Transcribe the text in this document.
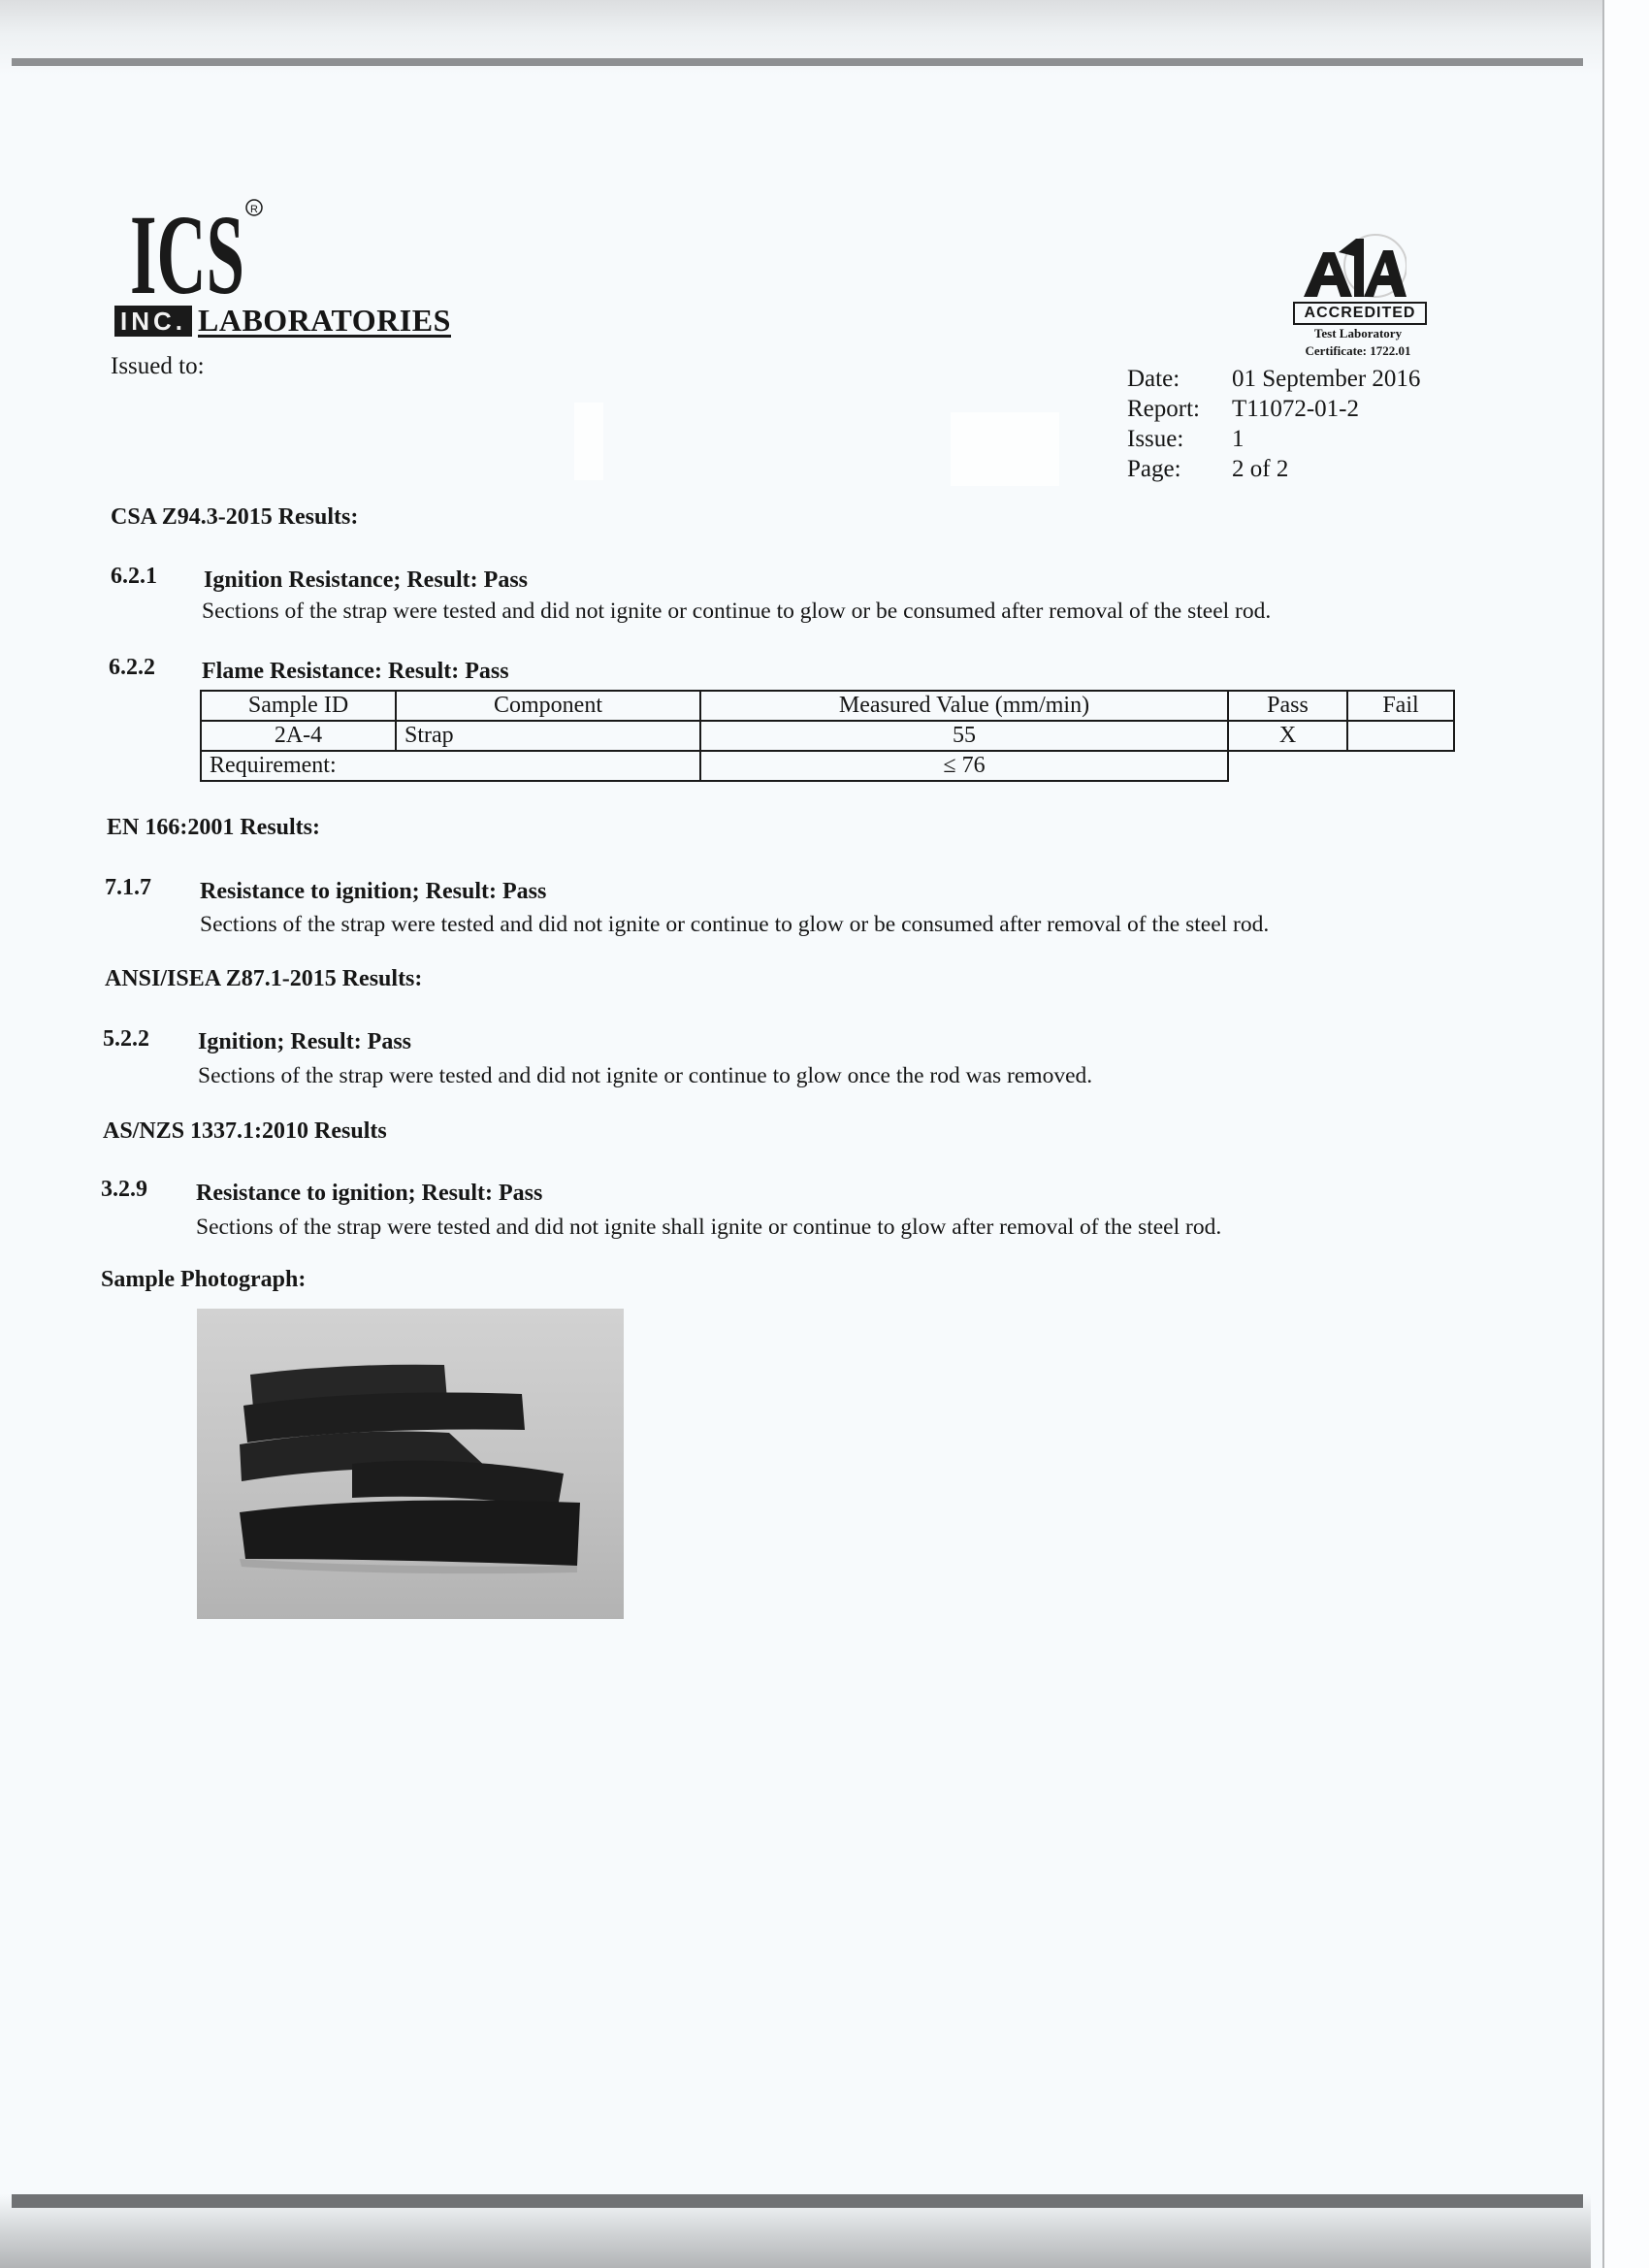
ICS R
INC. LABORATORIES
Issued to:
ACCREDITED
Test Laboratory
Certificate: 1722.01
Date: 01 September 2016
Report: T11072-01-2
Issue: 1
Page: 2 of 2
CSA Z94.3-2015 Results:
6.2.1 Ignition Resistance; Result: Pass
Sections of the strap were tested and did not ignite or continue to glow or be consumed after removal of the steel rod.
6.2.2 Flame Resistance: Result: Pass
Sample ID	Component	Measured Value (mm/min)	Pass	Fail
2A-4	Strap	55	X	
Requirement:		≤ 76		
EN 166:2001 Results:
7.1.7 Resistance to ignition; Result: Pass
Sections of the strap were tested and did not ignite or continue to glow or be consumed after removal of the steel rod.
ANSI/ISEA Z87.1-2015 Results:
5.2.2 Ignition; Result: Pass
Sections of the strap were tested and did not ignite or continue to glow once the rod was removed.
AS/NZS 1337.1:2010 Results
3.2.9 Resistance to ignition; Result: Pass
Sections of the strap were tested and did not ignite shall ignite or continue to glow after removal of the steel rod.
Sample Photograph:
